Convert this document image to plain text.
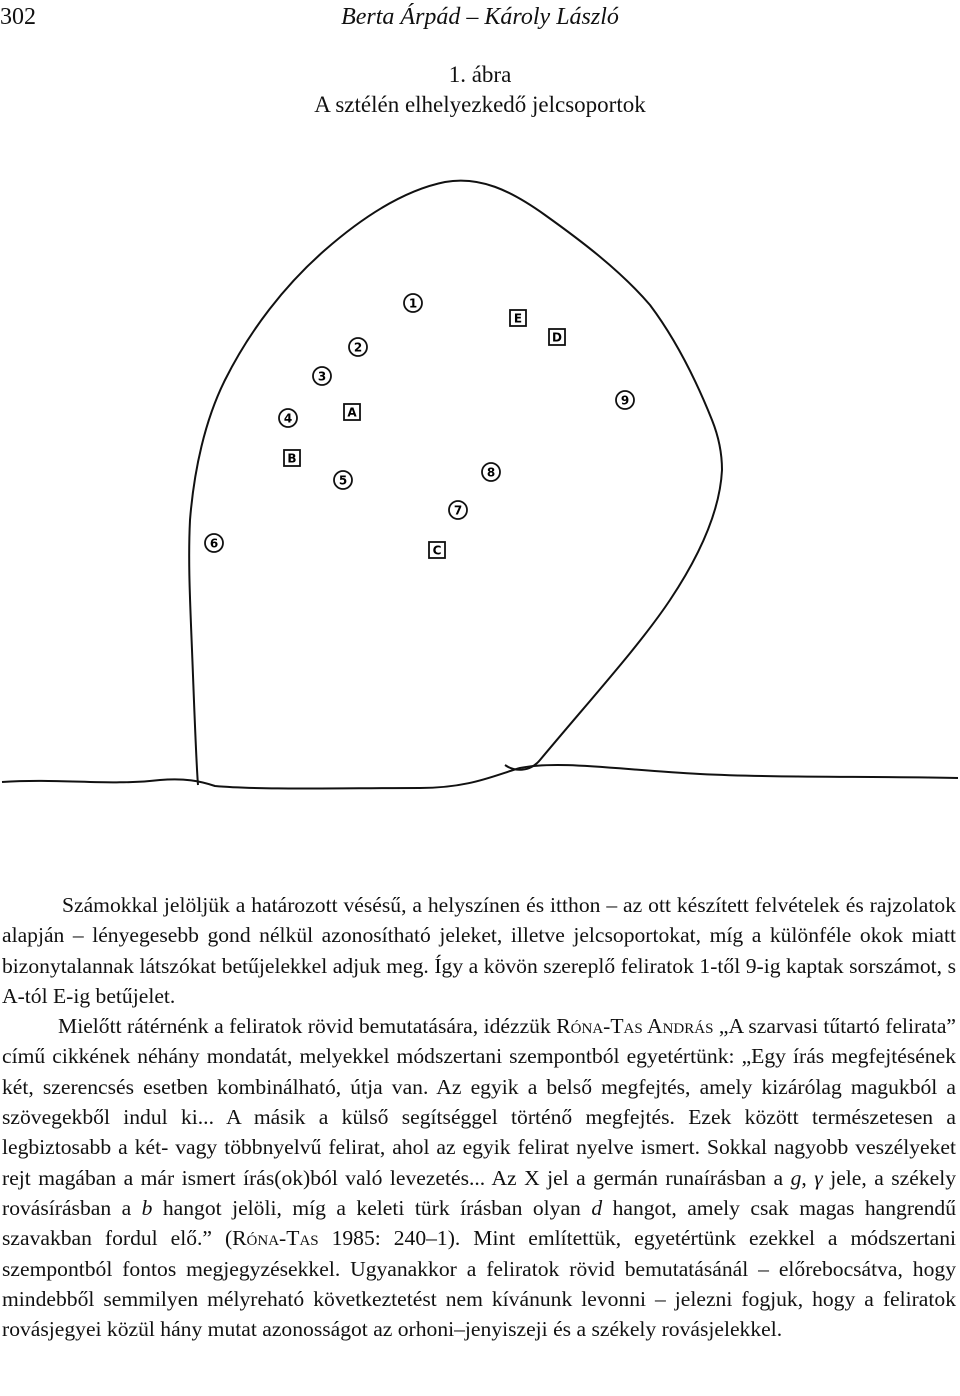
302	Berta Árpád – Károly László
1. ábra
A sztélén elhelyezkedő jelcsoportok
1
2
3
4
5
6
7
8
9
A
B
C
D
E

Számokkal jelöljük a határozott vésésű, a helyszínen és itthon – az ott készített felvételek és rajzolatok alapján – lényegesebb gond nélkül azonosítható jeleket, illetve jelcsoportokat, míg a különféle okok miatt bizonytalannak látszókat betűjelekkel adjuk meg. Így a kövön szereplő feliratok 1-től 9-ig kaptak sorszámot, s A-tól E-ig betűjelet.

Mielőtt rátérnénk a feliratok rövid bemutatására, idézzük Róna-Tas András „A szarvasi tűtartó felirata” című cikkének néhány mondatát, melyekkel módszertani szempontból egyetértünk: „Egy írás megfejtésének két, szerencsés esetben kombinálható, útja van. Az egyik a belső megfejtés, amely kizárólag magukból a szövegekből indul ki... A másik a külső segítséggel történő megfejtés. Ezek között természetesen a legbiztosabb a két- vagy többnyelvű felirat, ahol az egyik felirat nyelve ismert. Sokkal nagyobb veszélyeket rejt magában a már ismert írás(ok)ból való levezetés... Az X jel a germán runaírásban a g, γ jele, a székely rovásírásban a b hangot jelöli, míg a keleti türk írásban olyan d hangot, amely csak magas hangrendű szavakban fordul elő.” (Róna-Tas 1985: 240–1). Mint említettük, egyetértünk ezekkel a módszertani szempontból fontos megjegyzésekkel. Ugyanakkor a feliratok rövid bemutatásánál – előrebocsátva, hogy mindebből semmilyen mélyreható következtetést nem kívánunk levonni – jelezni fogjuk, hogy a feliratok rovásjegyei közül hány mutat azonosságot az orhoni–jenyiszeji és a székely rovásjelekkel.
